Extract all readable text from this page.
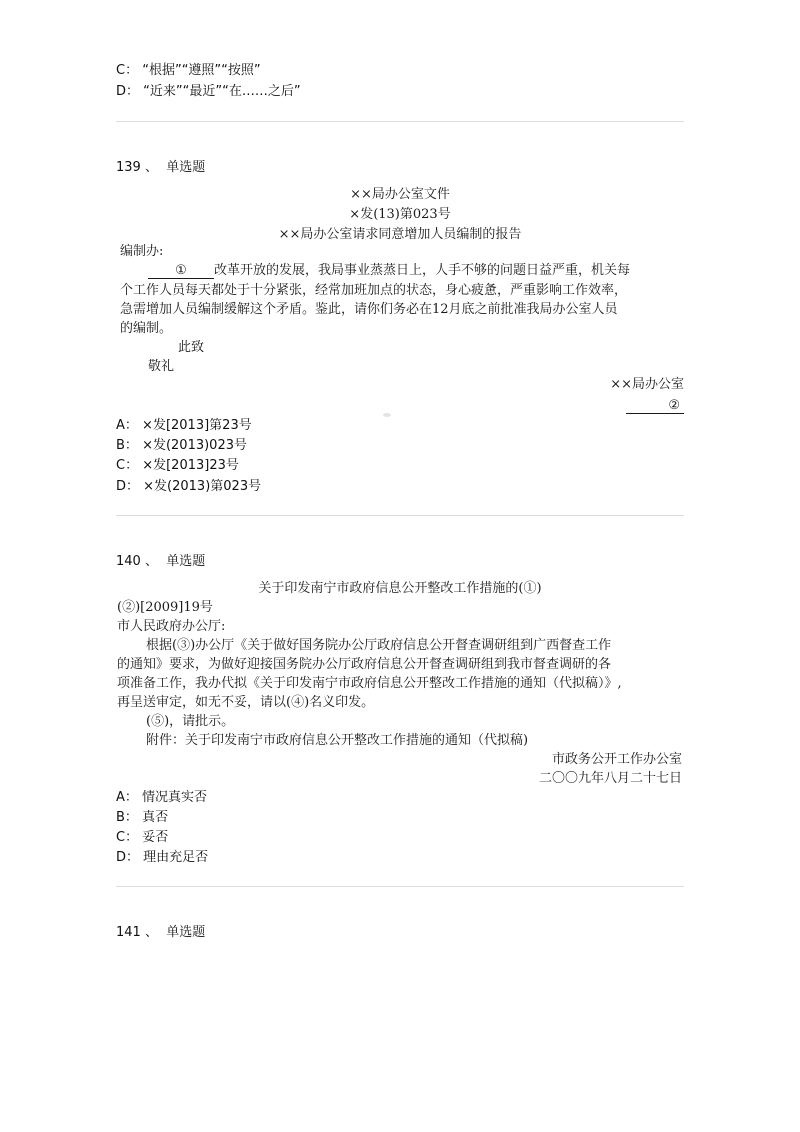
C： “根据”“遵照”“按照”
D： “近来”“最近”“在……之后”
139 、 单选题
××局办公室文件
×发(13)第023号
××局办公室请求同意增加人员编制的报告
编制办:
① 改革开放的发展，我局事业蒸蒸日上，人手不够的问题日益严重，机关每
个工作人员每天都处于十分紧张，经常加班加点的状态，身心疲惫，严重影响工作效率，
急需增加人员编制缓解这个矛盾。鉴此，请你们务必在12月底之前批准我局办公室人员
的编制。
此致
敬礼
××局办公室
②
A： ×发[2013]第23号
B： ×发(2013)023号
C： ×发[2013]23号
D： ×发(2013)第023号
140 、 单选题
关于印发南宁市政府信息公开整改工作措施的(①)
(②)[2009]19号
市人民政府办公厅:
根据(③)办公厅《关于做好国务院办公厅政府信息公开督查调研组到广西督查工作
的通知》要求，为做好迎接国务院办公厅政府信息公开督查调研组到我市督查调研的各
项准备工作，我办代拟《关于印发南宁市政府信息公开整改工作措施的通知（代拟稿）》,
再呈送审定，如无不妥，请以(④)名义印发。
(⑤)，请批示。
附件：关于印发南宁市政府信息公开整改工作措施的通知（代拟稿)
市政务公开工作办公室
二〇〇九年八月二十七日
A： 情况真实否
B： 真否
C： 妥否
D： 理由充足否
141 、 单选题
